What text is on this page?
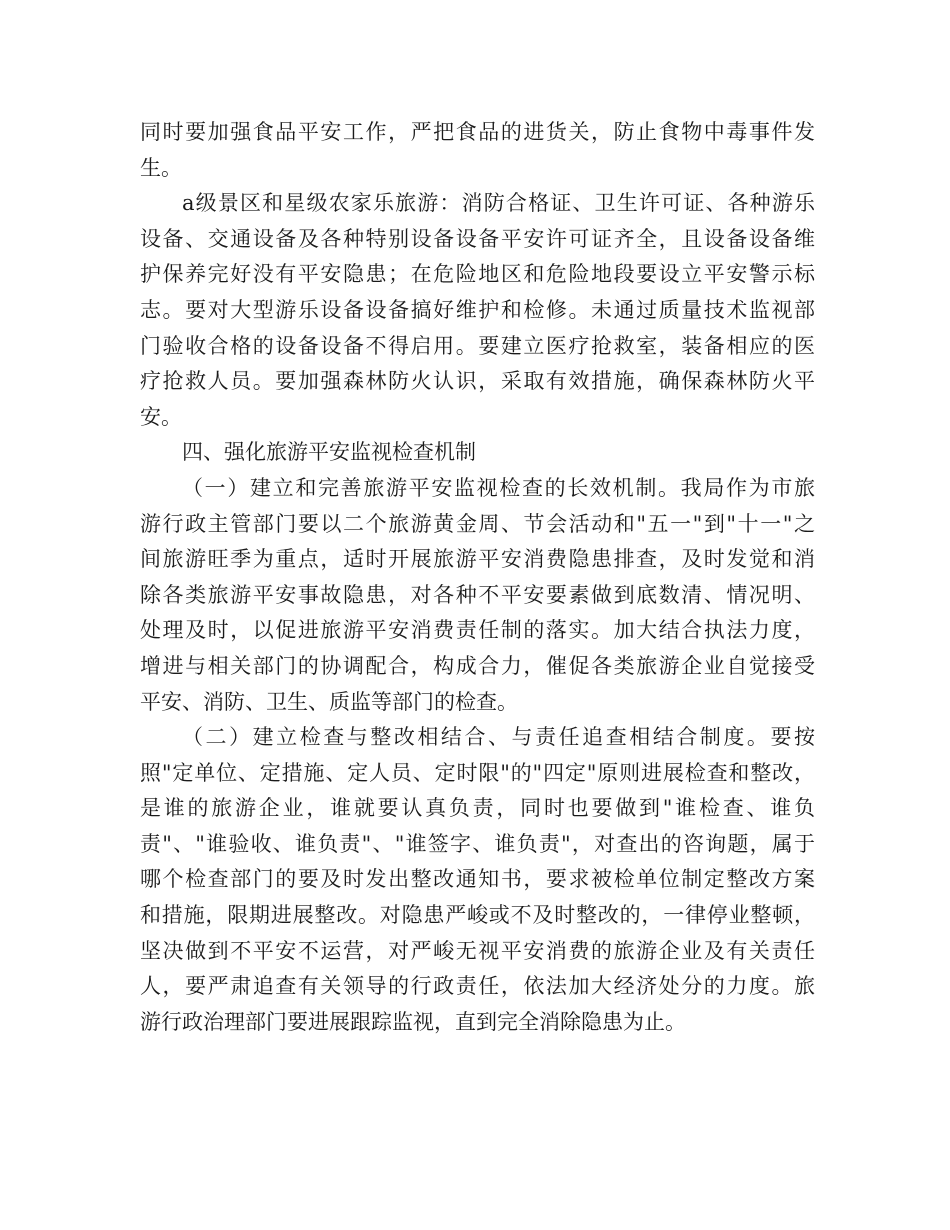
同时要加强食品平安工作，严把食品的进货关，防止食物中毒事件发
生。
a级景区和星级农家乐旅游：消防合格证、卫生许可证、各种游乐
设备、交通设备及各种特别设备设备平安许可证齐全，且设备设备维
护保养完好没有平安隐患；在危险地区和危险地段要设立平安警示标
志。要对大型游乐设备设备搞好维护和检修。未通过质量技术监视部
门验收合格的设备设备不得启用。要建立医疗抢救室，装备相应的医
疗抢救人员。要加强森林防火认识，采取有效措施，确保森林防火平
安。
四、强化旅游平安监视检查机制
（一）建立和完善旅游平安监视检查的长效机制。我局作为市旅
游行政主管部门要以二个旅游黄金周、节会活动和"五一"到"十一"之
间旅游旺季为重点，适时开展旅游平安消费隐患排查，及时发觉和消
除各类旅游平安事故隐患，对各种不平安要素做到底数清、情况明、
处理及时，以促进旅游平安消费责任制的落实。加大结合执法力度，
增进与相关部门的协调配合，构成合力，催促各类旅游企业自觉接受
平安、消防、卫生、质监等部门的检查。
（二）建立检查与整改相结合、与责任追查相结合制度。要按
照"定单位、定措施、定人员、定时限"的"四定"原则进展检查和整改，
是谁的旅游企业，谁就要认真负责，同时也要做到"谁检查、谁负
责"、"谁验收、谁负责"、"谁签字、谁负责"，对查出的咨询题，属于
哪个检查部门的要及时发出整改通知书，要求被检单位制定整改方案
和措施，限期进展整改。对隐患严峻或不及时整改的，一律停业整顿，
坚决做到不平安不运营，对严峻无视平安消费的旅游企业及有关责任
人，要严肃追查有关领导的行政责任，依法加大经济处分的力度。旅
游行政治理部门要进展跟踪监视，直到完全消除隐患为止。
